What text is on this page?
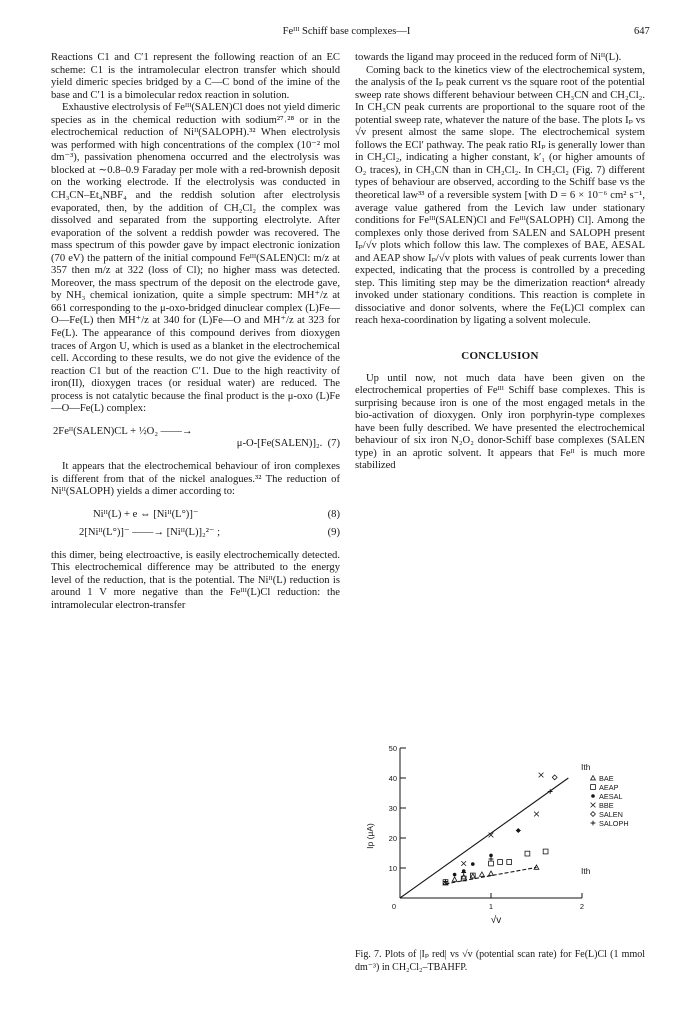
Feᴵᴵᴵ Schiff base complexes—I	647

Reactions C1 and C′1 represent the following reaction of an EC scheme: C1 is the intramolecular electron transfer which should yield dimeric species bridged by a C—C bond of the imine of the base and C′1 is a bimolecular redox reaction in solution.

Exhaustive electrolysis of Feᴵᴵᴵ(SALEN)Cl does not yield dimeric species as in the chemical reduction with sodium²⁷˒²⁸ or in the electrochemical reduction of Niᴵᴵ(SALOPH).³² When electrolysis was performed with high concentrations of the complex (10⁻² mol dm⁻³), passivation phenomena occurred and the electrolysis was blocked at ∼0.8–0.9 Faraday per mole with a red-brownish deposit on the working electrode. If the electrolysis was conducted in CH₃CN–Et₄NBF₄ and the reddish solution after electrolysis evaporated, then, by the addition of CH₂Cl₂ the complex was dissolved and separated from the supporting electrolyte. After evaporation of the solvent a reddish powder was recovered. The mass spectrum of this powder gave by impact electronic ionization (70 eV) the pattern of the initial compound Feᴵᴵᴵ(SALEN)Cl: m/z at 357 then m/z at 322 (loss of Cl); no higher mass was detected. Moreover, the mass spectrum of the deposit on the electrode gave, by NH₃ chemical ionization, quite a simple spectrum: MH⁺/z at 661 corresponding to the μ-oxo-bridged dinuclear complex (L)Fe—O—Fe(L) then MH⁺/z at 340 for (L)Fe—O and MH⁺/z at 323 for Fe(L). The appearance of this compound derives from dioxygen traces of Argon U, which is used as a blanket in the electrochemical cell. According to these results, we do not give the evidence of the reaction C1 but of the reaction C′1. Due to the high reactivity of iron(II), dioxygen traces (or residual water) are reduced. The process is not catalytic because the final product is the μ-oxo (L)Fe—O—Fe(L) complex:

2Feᴵᴵ(SALEN)CL + ½O₂ ——→
μ-O-[Fe(SALEN)]₂. (7)

It appears that the electrochemical behaviour of iron complexes is different from that of the nickel analogues.³² The reduction of Niᴵᴵ(SALOPH) yields a dimer according to:

Niᴵᴵ(L) + e ⇔ [Niᴵᴵ(L°)]⁻	(8)
2[Niᴵᴵ(L°)]⁻ ——→ [Niᴵᴵ(L)]₂²⁻ ;	(9)

this dimer, being electroactive, is easily electrochemically detected. This electrochemical difference may be attributed to the energy level of the reduction, that is the potential. The Niᴵᴵ(L) reduction is around 1 V more negative than the Feᴵᴵᴵ(L)Cl reduction: the intramolecular electron-transfer

towards the ligand may proceed in the reduced form of Niᴵᴵ(L).

Coming back to the kinetics view of the electrochemical system, the analysis of the Iₚ peak current vs the square root of the potential sweep rate shows different behaviour between CH₃CN and CH₂Cl₂. In CH₃CN peak currents are proportional to the square root of the potential sweep rate, whatever the nature of the base. The plots Iₚ vs √v present almost the same slope. The electrochemical system follows the ECl′ pathway. The peak ratio RIₚ is generally lower than in CH₂Cl₂, indicating a higher constant, k′₁ (or higher amounts of O₂ traces), in CH₃CN than in CH₂Cl₂. In CH₂Cl₂ (Fig. 7) different types of behaviour are observed, according to the Schiff base vs the theoretical law³³ of a reversible system [with D = 6 × 10⁻⁶ cm² s⁻¹, average value gathered from the Levich law under stationary conditions for Feᴵᴵᴵ(SALEN)Cl and Feᴵᴵᴵ(SALOPH) Cl]. Among the complexes only those derived from SALEN and SALOPH present Iₚ/√v plots which follow this law. The complexes of BAE, AESAL and AEAP show Iₚ/√v plots with values of peak currents lower than expected, indicating that the process is controlled by a preceding step. This limiting step may be the dimerization reaction⁴ already invoked under stationary conditions. This reaction is complete in dissociative and donor solvents, where the Fe(L)Cl complex can reach hexa-coordination by ligating a solvent molecule.

CONCLUSION

Up until now, not much data have been given on the electrochemical properties of Feᴵᴵᴵ Schiff base complexes. This is surprising because iron is one of the most engaged metals in the bio-activation of dioxygen. Only iron porphyrin-type complexes have been fully described. We have presented the electrochemical behaviour of six iron N₂O₂ donor-Schiff base complexes (SALEN type) in an aprotic solvent. It appears that Feᴵᴵ is much more stabilized

Ip (μA)
√v
Ith
Ith
10
20
30
40
50
0	1	2
BAE
AEAP
AESAL
BBE
SALEN
SALOPH
Fig. 7. Plots of |Iₚ red| vs √v (potential scan rate) for Fe(L)Cl (1 mmol dm⁻³) in CH₂Cl₂–TBAHFP.
